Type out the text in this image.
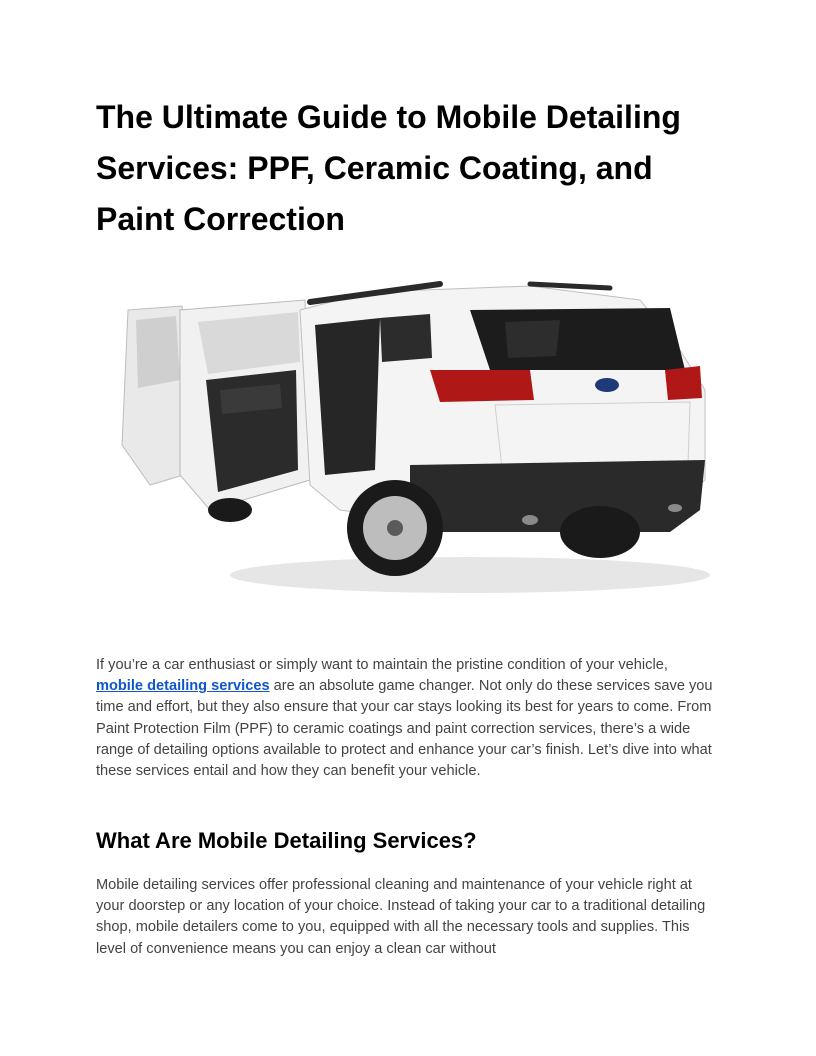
The Ultimate Guide to Mobile Detailing Services: PPF, Ceramic Coating, and Paint Correction

If you’re a car enthusiast or simply want to maintain the pristine condition of your vehicle, mobile detailing services are an absolute game changer. Not only do these services save you time and effort, but they also ensure that your car stays looking its best for years to come. From Paint Protection Film (PPF) to ceramic coatings and paint correction services, there’s a wide range of detailing options available to protect and enhance your car’s finish. Let’s dive into what these services entail and how they can benefit your vehicle.

What Are Mobile Detailing Services?

Mobile detailing services offer professional cleaning and maintenance of your vehicle right at your doorstep or any location of your choice. Instead of taking your car to a traditional detailing shop, mobile detailers come to you, equipped with all the necessary tools and supplies. This level of convenience means you can enjoy a clean car without
